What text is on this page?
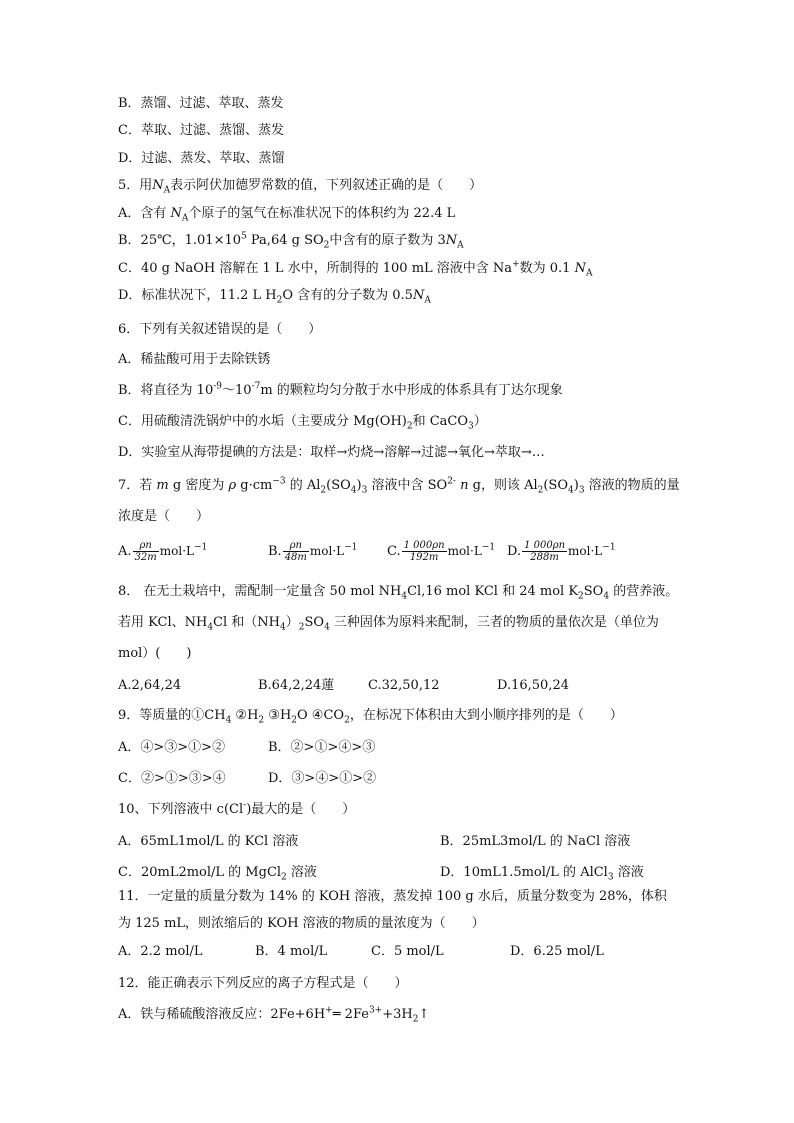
B．蒸馏、过滤、萃取、蒸发
C．萃取、过滤、蒸馏、蒸发
D．过滤、蒸发、萃取、蒸馏
5．用$N_A$表示阿伏加德罗常数的值，下列叙述正确的是（　　）
A．含有 $N_A$个原子的氢气在标准状况下的体积约为 22.4 L
B．25℃，$1.01\times 10^5$ Pa,64 g $SO_2$中含有的原子数为 $3N_A$
C．40 g NaOH 溶解在 1 L 水中，所制得的 100 mL 溶液中含 Na+数为 0.1 $N_A$
D．标准状况下，11.2 L $H_2O$ 含有的分子数为 $0.5N_A$
6．下列有关叙述错误的是（　　）
A．稀盐酸可用于去除铁锈
B．将直径为 $10^{-9}\sim 10^{-7}m$ 的颗粒均匀分散于水中形成的体系具有丁达尔现象
C．用硫酸清洗锅炉中的水垢（主要成分 $Mg(OH)_2$和 CaCO$_3$）
D．实验室从海带提碘的方法是：取样→灼烧→溶解→过滤→氧化→萃取→…
7．若 m g 密度为 ρ $g\cdot cm^{-3}$ 的 $Al_2(SO_4)_3$ 溶液中含 $SO^{2-}$ n g，则该 $Al_2(SO_4)_3$ 溶液的物质的量
浓度是（　　）
A. $\frac{\rho n}{32m} mol\cdot L^{-1}$	B. $\frac{\rho n}{48m} mol\cdot L^{-1}$ C. $\frac{1 000\rho n}{192m} mol\cdot L^{-1}$ D. $\frac{1 000\rho n}{288m} mol\cdot L^{-1}$
8． 在无土栽培中，需配制一定量含 50 mol $NH_4Cl,16$ mol KCl 和 24 mol $K_2SO_4$ 的营养液。
若用 KCl、$NH_4Cl$ 和$(NH_4)_2SO_4$ 三种固体为原料来配制，三者的物质的量依次是（单位为
mol）(　　)
A.2,64,24	B.64,2,24蓮	C.32,50,12	D.16,50,24
9．等质量的$①CH_4$ $②H_2$ $③H_2O$ $④CO_2$，在标况下体积由大到小顺序排列的是（　　）
A．④>③>①>②	B．②>①>④>③
C．②>①>③>④	D．③>④>①>②
10、下列溶液中 c(Cl-)最大的是（　　）
A．65mL1mol/L 的 KCl 溶液	B．25mL3mol/L 的 NaCl 溶液
C．20mL2mol/L 的 MgCl$_2$ 溶液	D．10mL1.5mol/L 的 AlCl$_3$ 溶液
11．一定量的质量分数为 14% 的 KOH 溶液，蒸发掉 100 g 水后，质量分数变为 28%，体积
为 125 mL，则浓缩后的 KOH 溶液的物质的量浓度为（　　）
A．2.2 mol/L	B．4 mol/L	C．5 mol/L	D．6.25 mol/L
12．能正确表示下列反应的离子方程式是（　　）
A．铁与稀硫酸溶液反应：2Fe+6H+═ $2Fe^{3+}+3H_2↑$
